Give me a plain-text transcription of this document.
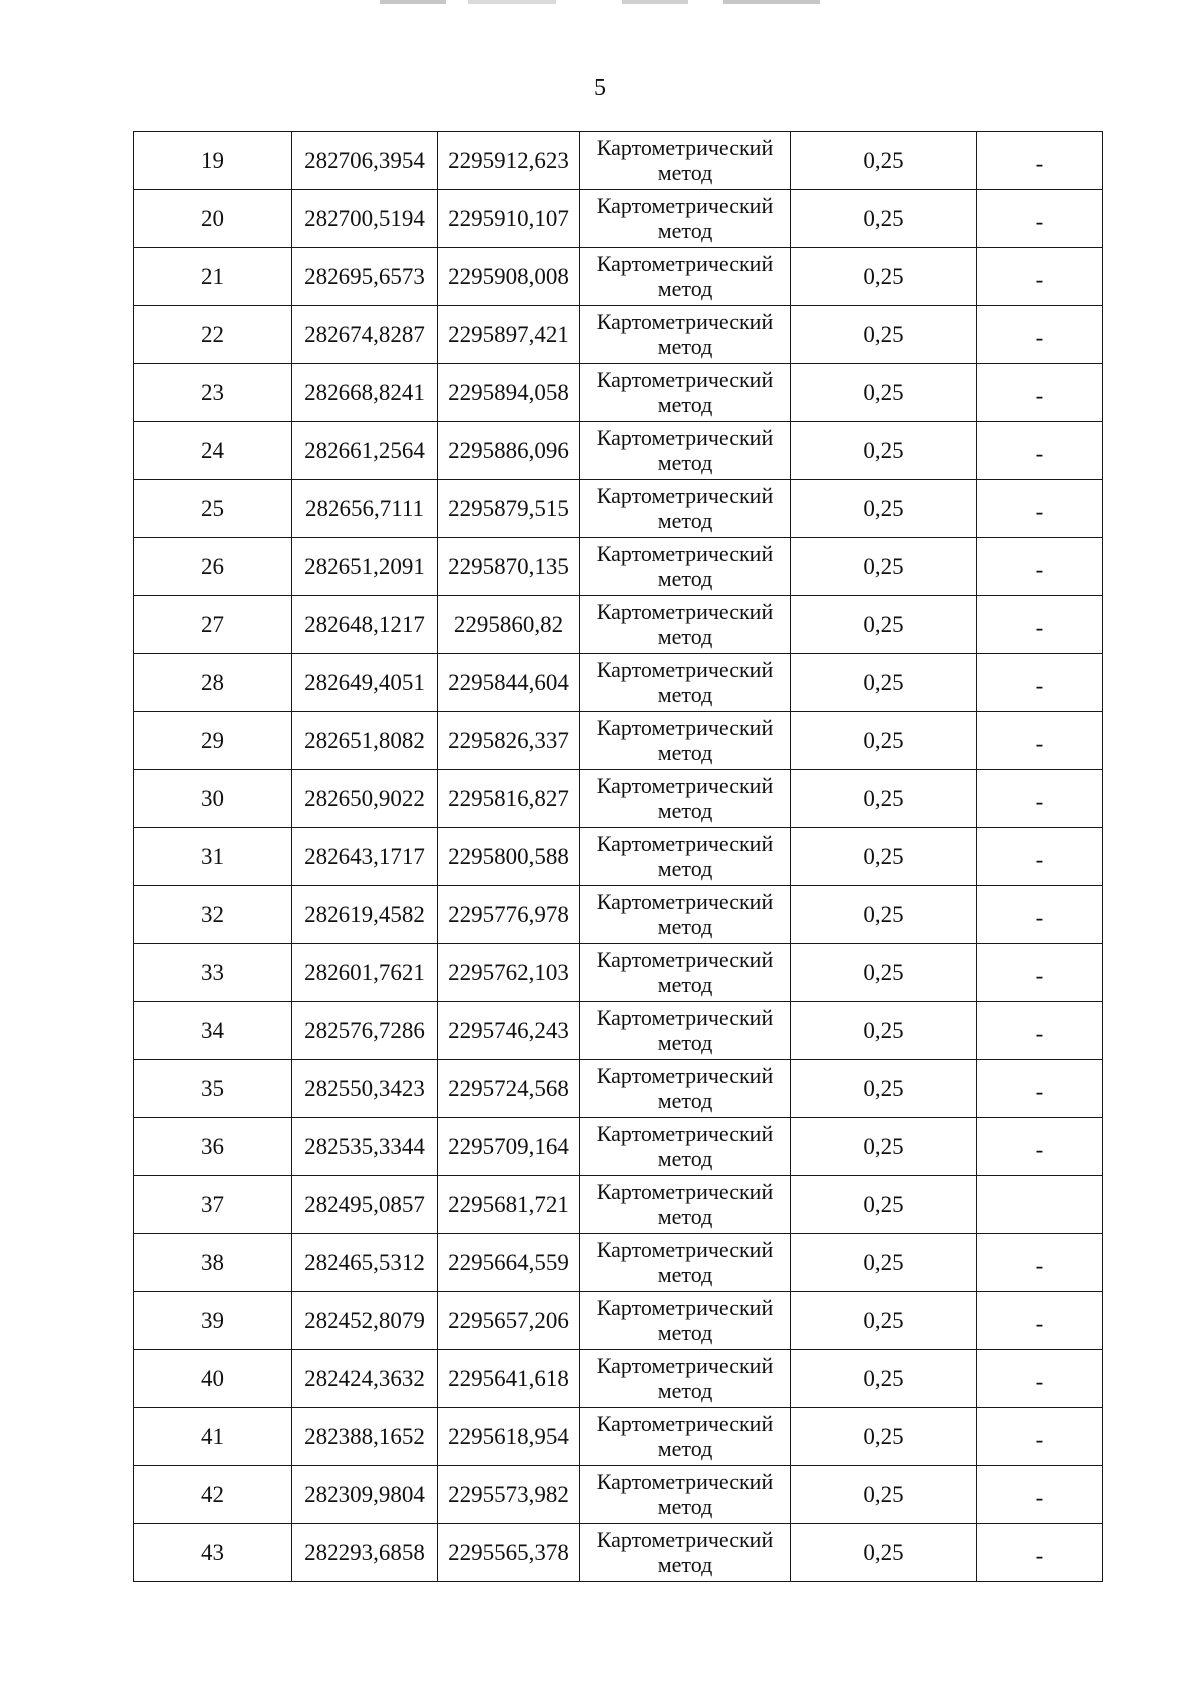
5
19	282706,3954	2295912,623	Картометрический
метод	0,25	-
20	282700,5194	2295910,107	Картометрический
метод	0,25	-
21	282695,6573	2295908,008	Картометрический
метод	0,25	-
22	282674,8287	2295897,421	Картометрический
метод	0,25	-
23	282668,8241	2295894,058	Картометрический
метод	0,25	-
24	282661,2564	2295886,096	Картометрический
метод	0,25	-
25	282656,7111	2295879,515	Картометрический
метод	0,25	-
26	282651,2091	2295870,135	Картометрический
метод	0,25	-
27	282648,1217	2295860,82	Картометрический
метод	0,25	-
28	282649,4051	2295844,604	Картометрический
метод	0,25	-
29	282651,8082	2295826,337	Картометрический
метод	0,25	-
30	282650,9022	2295816,827	Картометрический
метод	0,25	-
31	282643,1717	2295800,588	Картометрический
метод	0,25	-
32	282619,4582	2295776,978	Картометрический
метод	0,25	-
33	282601,7621	2295762,103	Картометрический
метод	0,25	-
34	282576,7286	2295746,243	Картометрический
метод	0,25	-
35	282550,3423	2295724,568	Картометрический
метод	0,25	-
36	282535,3344	2295709,164	Картометрический
метод	0,25	-
37	282495,0857	2295681,721	Картометрический
метод	0,25	
38	282465,5312	2295664,559	Картометрический
метод	0,25	-
39	282452,8079	2295657,206	Картометрический
метод	0,25	-
40	282424,3632	2295641,618	Картометрический
метод	0,25	-
41	282388,1652	2295618,954	Картометрический
метод	0,25	-
42	282309,9804	2295573,982	Картометрический
метод	0,25	-
43	282293,6858	2295565,378	Картометрический
метод	0,25	-
